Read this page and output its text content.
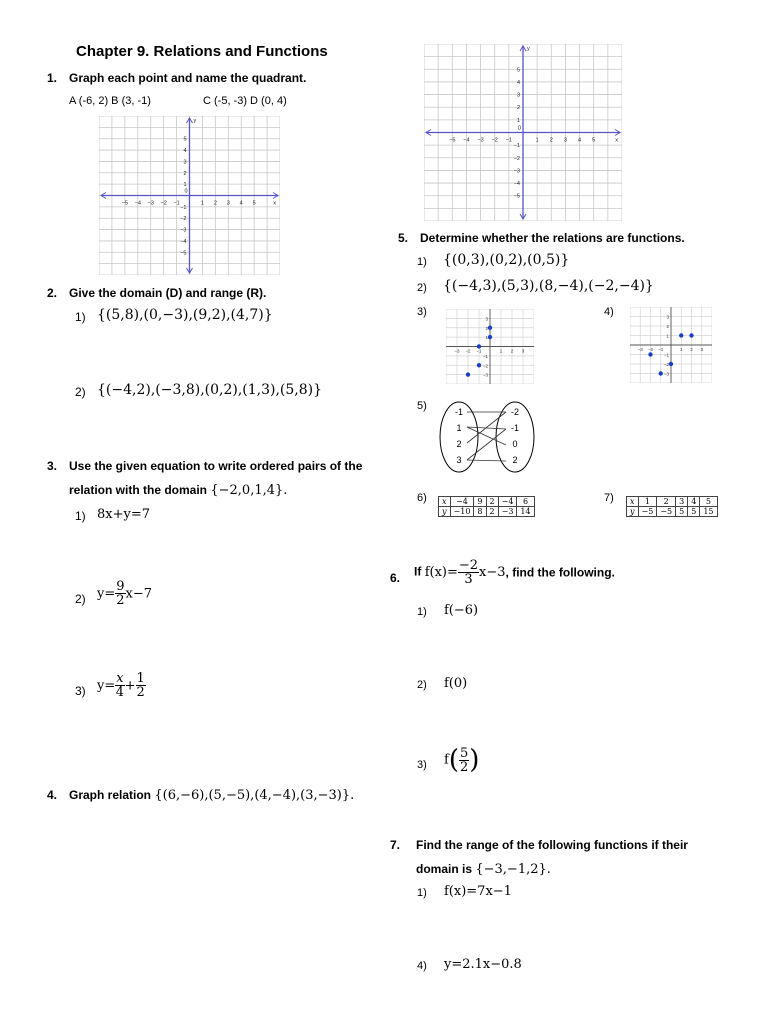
Chapter 9. Relations and Functions
1. Graph each point and name the quadrant.
A (-6, 2) B (3, -1)	C (-5, -3) D (0, 4)
−5 −4 −3 −2 −1	1 2 3 4 5
5
4
3
2
1
−1
−2
−3
−4
−5
0
x
y
2. Give the domain (D) and range (R).
1) {(5,8),(0,−3),(9,2),(4,7)}
2) {(−4,2),(−3,8),(0,2),(1,3),(5,8)}
3. Use the given equation to write ordered pairs of the
relation with the domain {−2,0,1,4}.
1) 8x+y=7
2) $y= \frac{9}{2} x-7$
3) $y= \frac{x}{4} + \frac{1}{2}$
4. Graph relation {(6,−6),(5,−5),(4,−4),(3,−3)}.
−5 −4 −3 −2 −1	1 2 3 4 5
5
4
3
2
1
−1
−2
−3
−4
−5
0
x
y
5. Determine whether the relations are functions.
1) {(0,3),(0,2),(0,5)}
2) {(−4,3),(5,3),(8,−4),(−2,−4)}
3)	4)
−3
−3
−2
−2
−1
−1
1
1
2
2
3
3
−3
−3
−2
−2
−1
−1
1
1
2
2
3
3
5)	-1
1
2
3
-2
-1
0
2
6) x	−4	9	2	−4	6
y	−10	8	2	−3	14
7) x	1	2	3	4	5
y	−5	−5	5	5	15
6. If $f(x)= \frac{-2}{3} x-3$, find the following.
1) f(−6)
2) f(0)
3) $f( \frac{5}{2}$ )
7. Find the range of the following functions if their
domain is {−3,−1,2}.
1) f(x)=7x−1
4) y=2.1x−0.8
